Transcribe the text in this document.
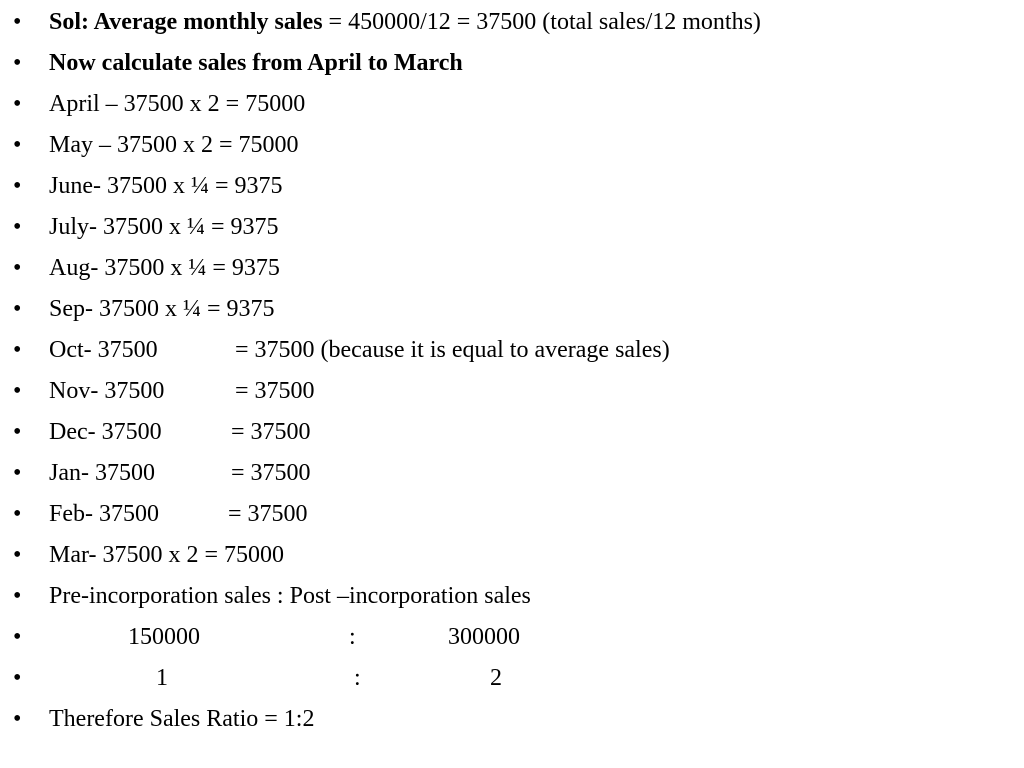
• Sol: Average monthly sales = 450000/12 = 37500 (total sales/12 months)
• Now calculate sales from April to March
• April – 37500 x 2 = 75000
• May – 37500 x 2 = 75000
• June- 37500 x ¼ = 9375
• July- 37500 x ¼ = 9375
• Aug- 37500 x ¼ = 9375
• Sep- 37500 x ¼ = 9375
• Oct- 37500	= 37500 (because it is equal to average sales)
• Nov- 37500	= 37500
• Dec- 37500	= 37500
• Jan- 37500	= 37500
• Feb- 37500	= 37500
• Mar- 37500 x 2 = 75000
• Pre-incorporation sales : Post –incorporation sales
•	150000	:	300000
•	1	:	2
• Therefore Sales Ratio = 1:2
